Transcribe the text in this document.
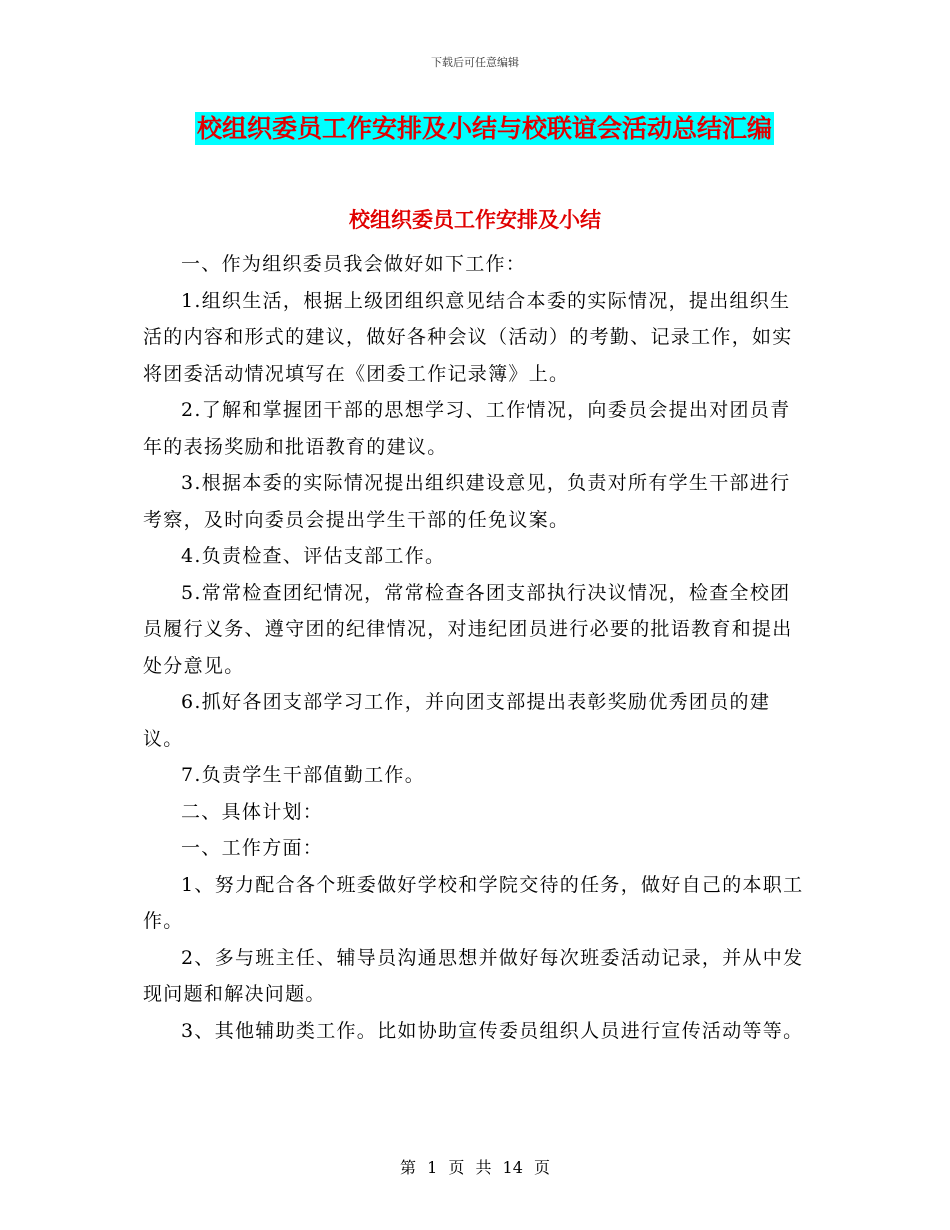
下载后可任意编辑
校组织委员工作安排及小结与校联谊会活动总结汇编
校组织委员工作安排及小结

一、作为组织委员我会做好如下工作：

1.组织生活，根据上级团组织意见结合本委的实际情况，提出组织生活的内容和形式的建议，做好各种会议（活动）的考勤、记录工作，如实将团委活动情况填写在《团委工作记录簿》上。

2.了解和掌握团干部的思想学习、工作情况，向委员会提出对团员青年的表扬奖励和批语教育的建议。

3.根据本委的实际情况提出组织建设意见，负责对所有学生干部进行考察，及时向委员会提出学生干部的任免议案。

4.负责检查、评估支部工作。

5.常常检查团纪情况，常常检查各团支部执行决议情况，检查全校团员履行义务、遵守团的纪律情况，对违纪团员进行必要的批语教育和提出处分意见。

6.抓好各团支部学习工作，并向团支部提出表彰奖励优秀团员的建议。

7.负责学生干部值勤工作。

二、具体计划：

一、工作方面：

1、努力配合各个班委做好学校和学院交待的任务，做好自己的本职工作。

2、多与班主任、辅导员沟通思想并做好每次班委活动记录，并从中发现问题和解决问题。

3、其他辅助类工作。比如协助宣传委员组织人员进行宣传活动等等。

第 1 页 共 14 页
